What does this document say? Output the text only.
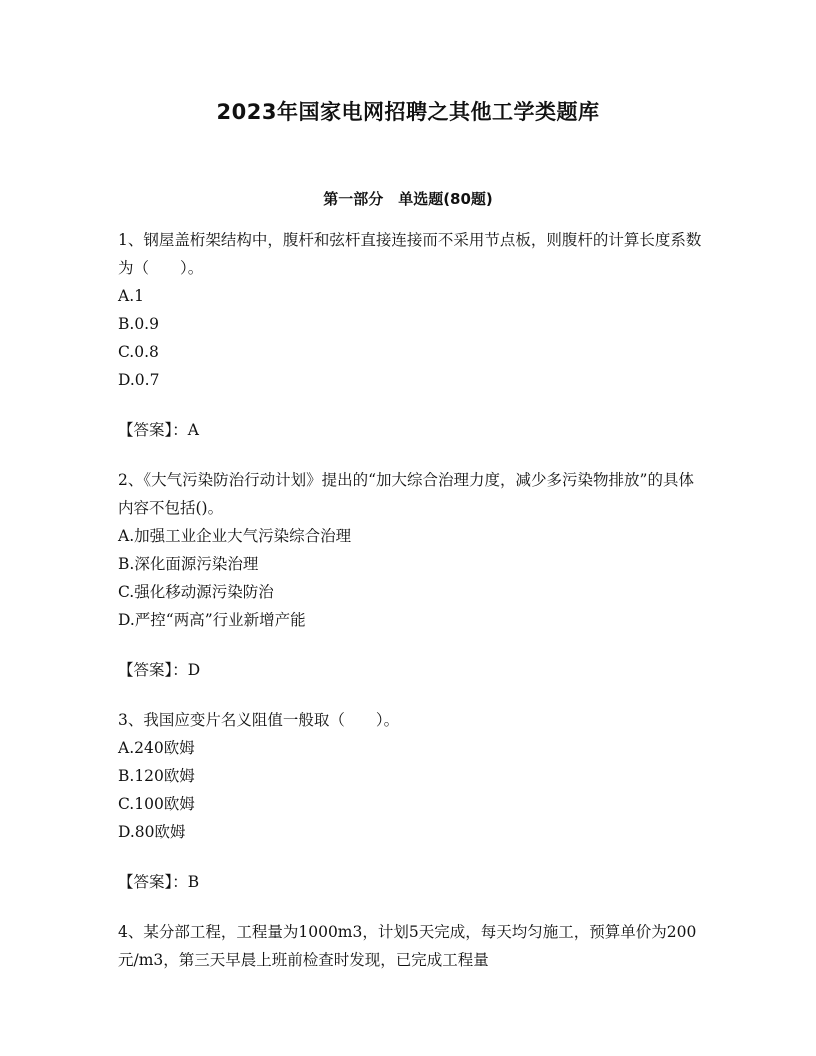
2023年国家电网招聘之其他工学类题库
第一部分　单选题(80题)

1、钢屋盖桁架结构中，腹杆和弦杆直接连接而不采用节点板，则腹杆的计算长度系数为（　　）。

A.1

B.0.9

C.0.8

D.0.7

【答案】：A

2、《大气污染防治行动计划》提出的“加大综合治理力度，减少多污染物排放”的具体内容不包括()。

A.加强工业企业大气污染综合治理

B.深化面源污染治理

C.强化移动源污染防治

D.严控“两高”行业新增产能

【答案】：D

3、我国应变片名义阻值一般取（　　）。

A.240欧姆

B.120欧姆

C.100欧姆

D.80欧姆

【答案】：B

4、某分部工程，工程量为1000m3，计划5天完成，每天均匀施工，预算单价为200元/m3，第三天早晨上班前检查时发现，已完成工程量
